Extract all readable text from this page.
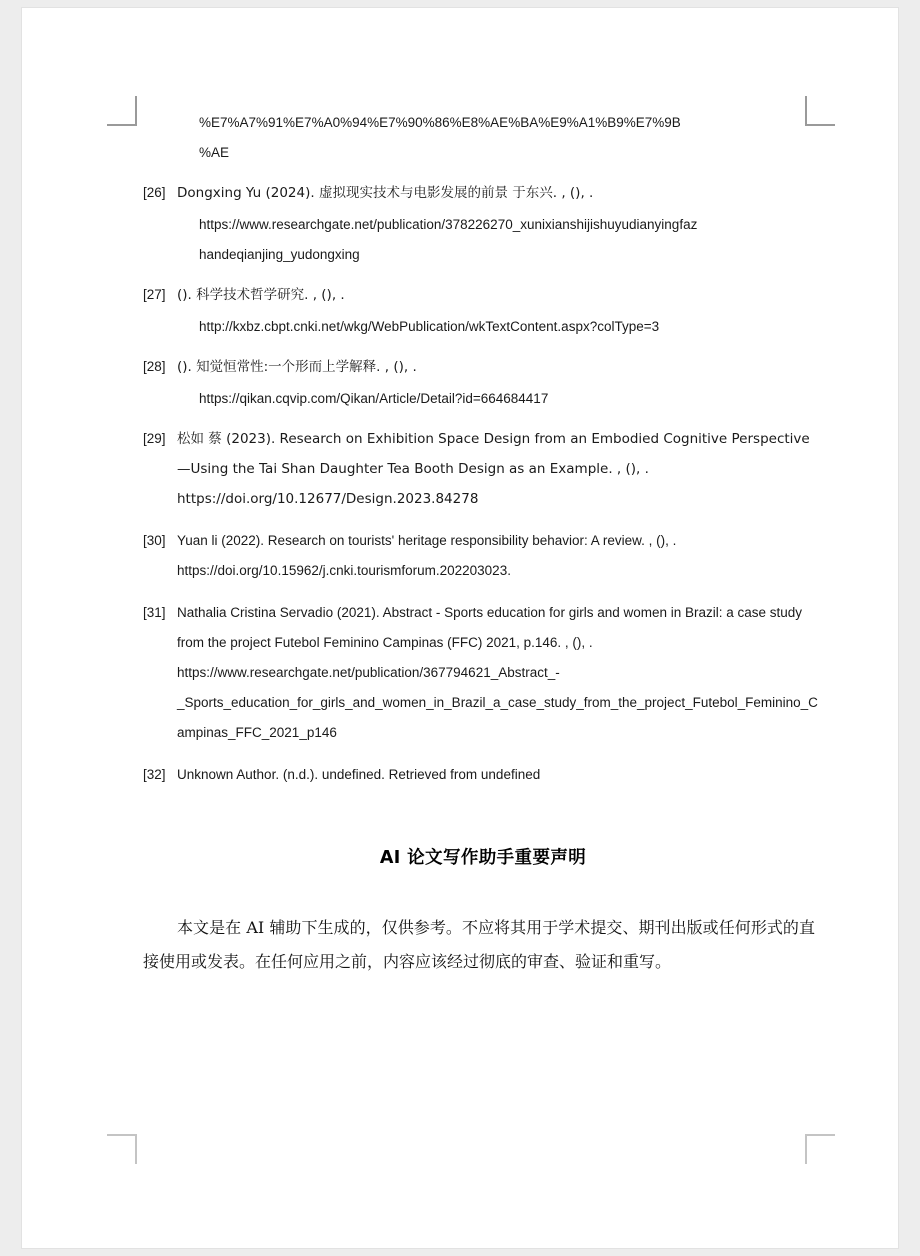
%E7%A7%91%E7%A0%94%E7%90%86%E8%AE%BA%E9%A1%B9%E7%9B
%AE
[26] Dongxing Yu (2024). 虚拟现实技术与电影发展的前景 于东兴. , (), .
https://www.researchgate.net/publication/378226270_xunixianshijishuyudianyingfaz
handeqianjing_yudongxing
[27] (). 科学技术哲学研究. , (), .
http://kxbz.cbpt.cnki.net/wkg/WebPublication/wkTextContent.aspx?colType=3
[28] (). 知觉恒常性:一个形而上学解释. , (), .
https://qikan.cqvip.com/Qikan/Article/Detail?id=664684417
[29] 松如 蔡 (2023). Research on Exhibition Space Design from an Embodied Cognitive Perspective—Using the Tai Shan Daughter Tea Booth Design as an Example. , (), . https://doi.org/10.12677/Design.2023.84278
[30] Yuan li (2022). Research on tourists' heritage responsibility behavior: A review. , (), . https://doi.org/10.15962/j.cnki.tourismforum.202203023.
[31] Nathalia Cristina Servadio (2021). Abstract - Sports education for girls and women in Brazil: a case study from the project Futebol Feminino Campinas (FFC) 2021, p.146. , (), . https://www.researchgate.net/publication/367794621_Abstract_-_Sports_education_for_girls_and_women_in_Brazil_a_case_study_from_the_project_Futebol_Feminino_Campinas_FFC_2021_p146
[32] Unknown Author. (n.d.). undefined. Retrieved from undefined
AI 论文写作助手重要声明
本文是在 AI 辅助下生成的，仅供参考。不应将其用于学术提交、期刊出版或任何形式的直接使用或发表。在任何应用之前，内容应该经过彻底的审查、验证和重写。
